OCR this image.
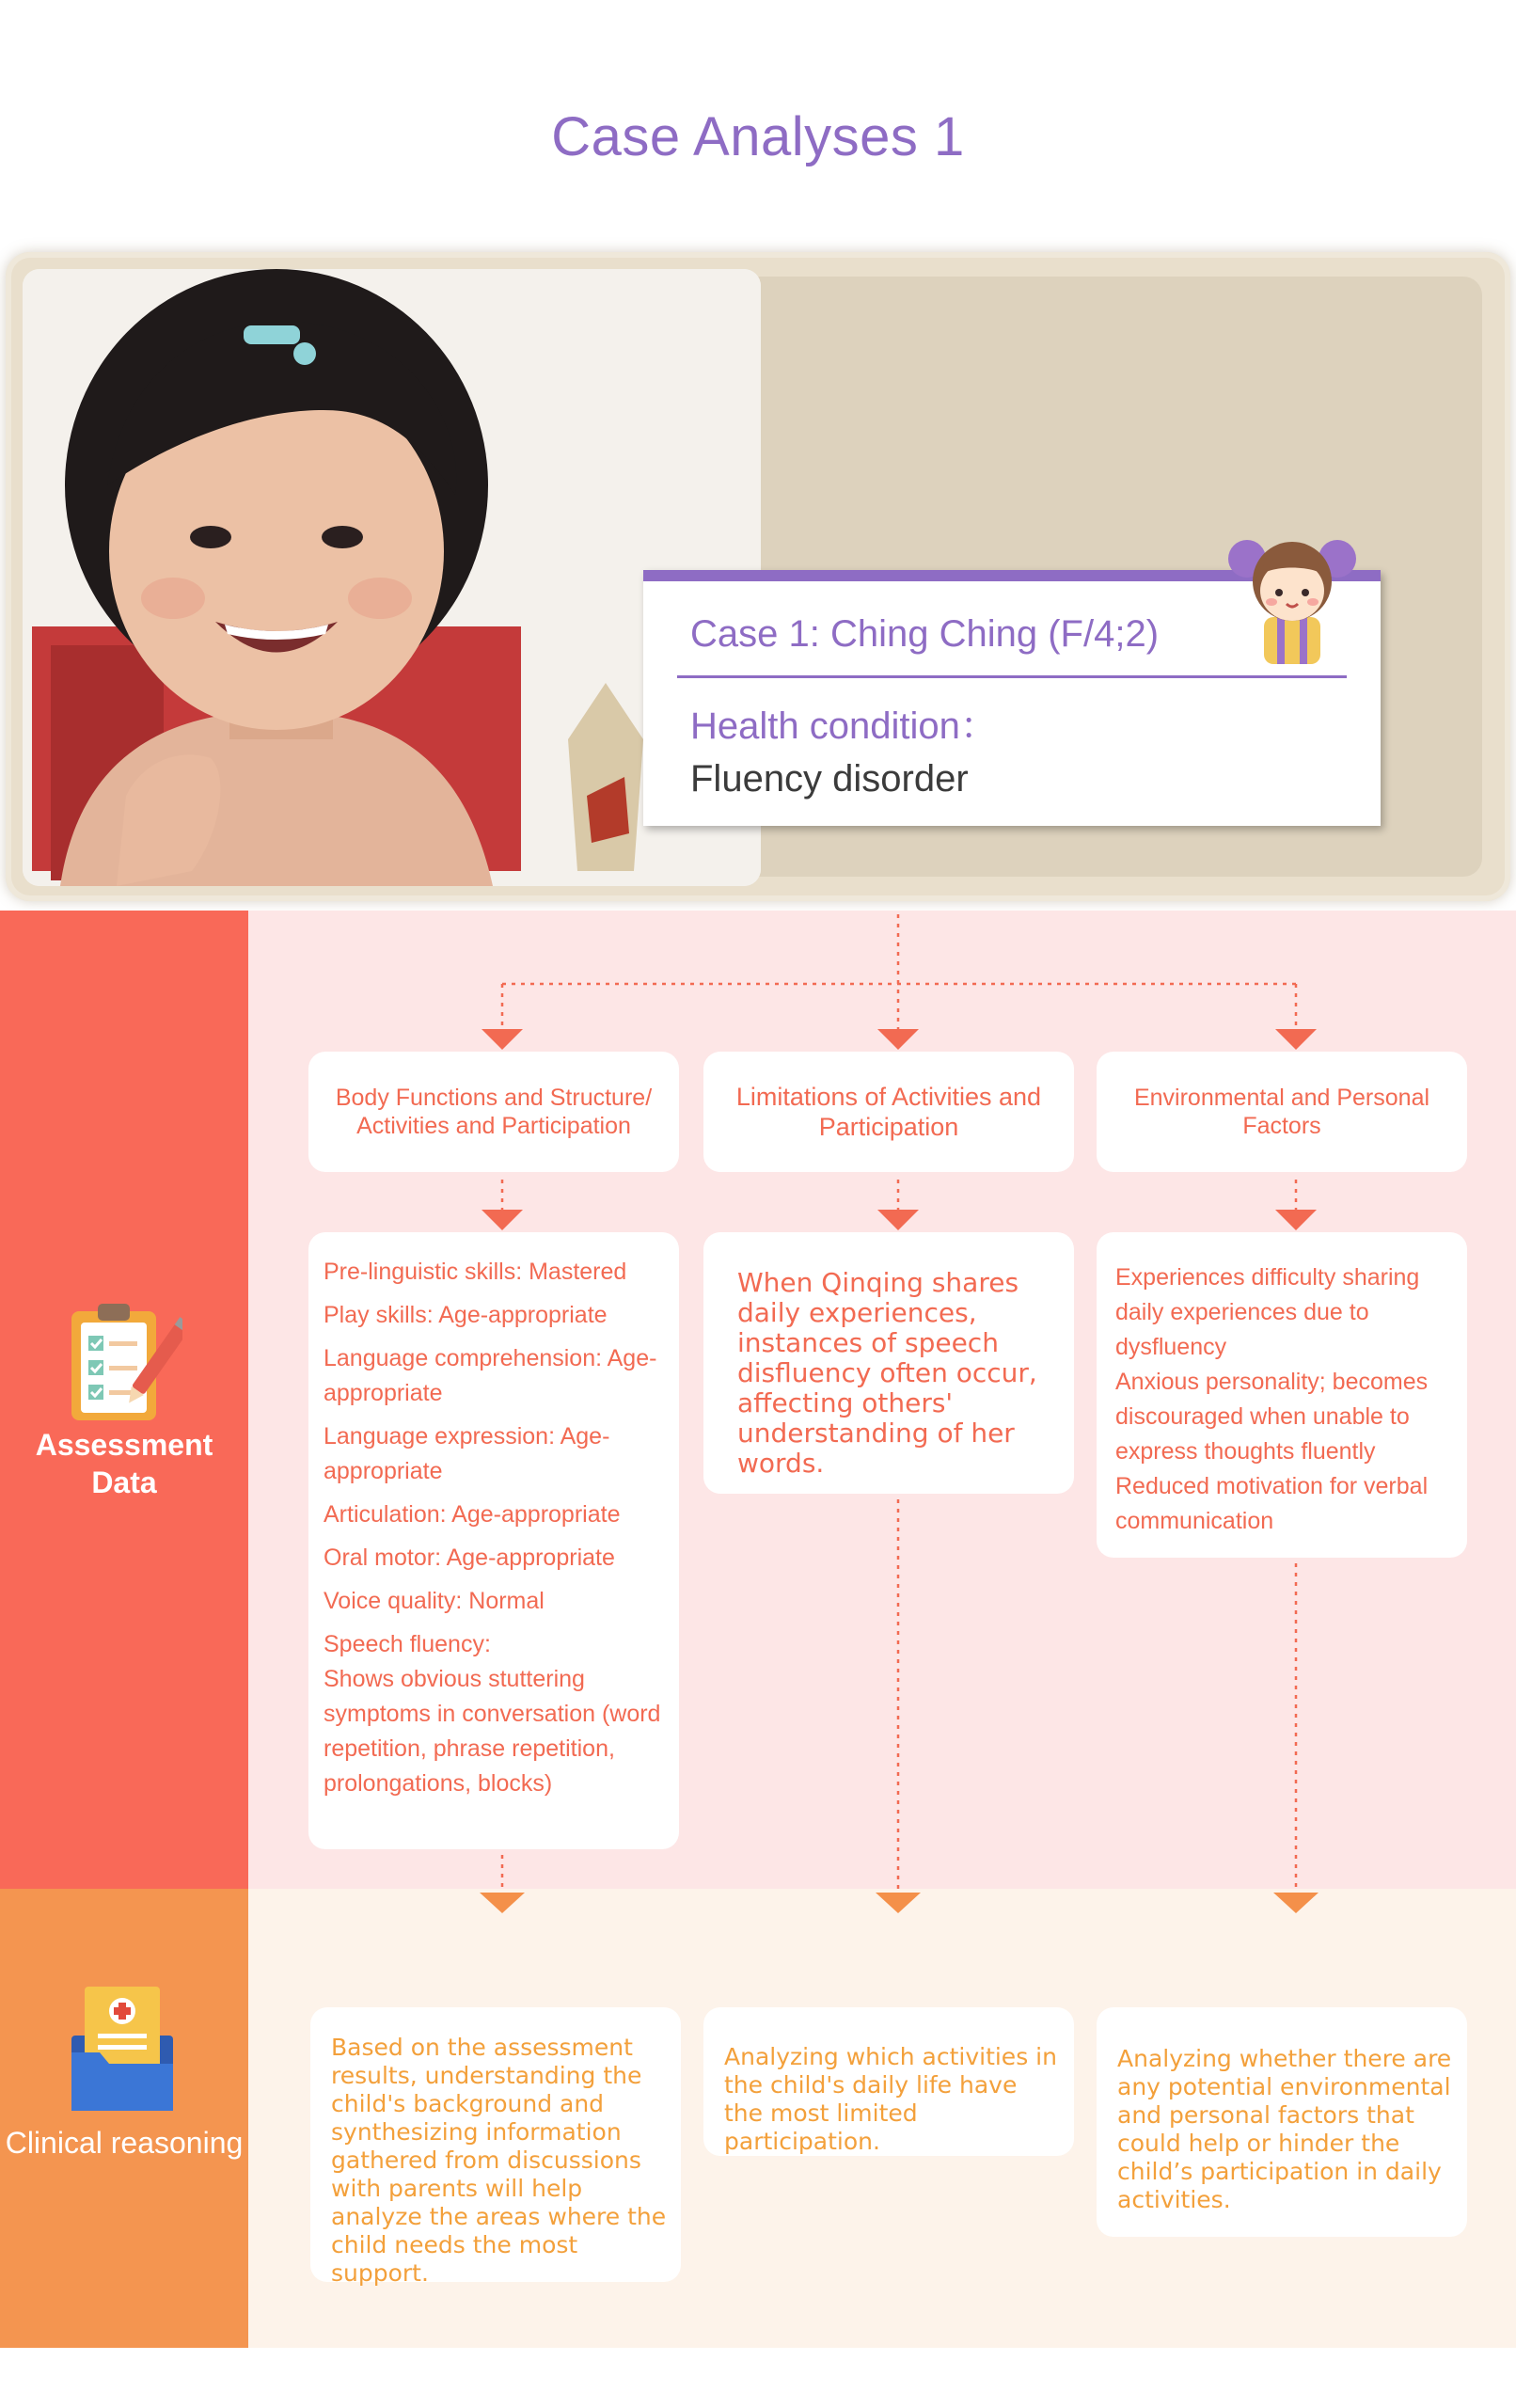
Case Analyses 1
Case 1: Ching Ching (F/4;2)
Health condition：
Fluency disorder
Assessment Data
Clinical reasoning
Body Functions and Structure/ Activities and Participation
Limitations of Activities and Participation
Environmental and Personal Factors
Pre-linguistic skills: Mastered
Play skills: Age-appropriate
Language comprehension: Age-appropriate
Language expression: Age-appropriate
Articulation: Age-appropriate
Oral motor: Age-appropriate
Voice quality: Normal
Speech fluency:
Shows obvious stuttering symptoms in conversation (word repetition, phrase repetition, prolongations, blocks)
When Qinqing shares daily experiences, instances of speech disfluency often occur, affecting others' understanding of her words.

Experiences difficulty sharing daily experiences due to dysfluency

Anxious personality; becomes discouraged when unable to express thoughts fluently

Reduced motivation for verbal communication

Based on the assessment results, understanding the child's background and synthesizing information gathered from discussions with parents will help analyze the areas where the child needs the most support.
Analyzing which activities in the child's daily life have the most limited participation.
Analyzing whether there are any potential environmental and personal factors that could help or hinder the child’s participation in daily activities.
